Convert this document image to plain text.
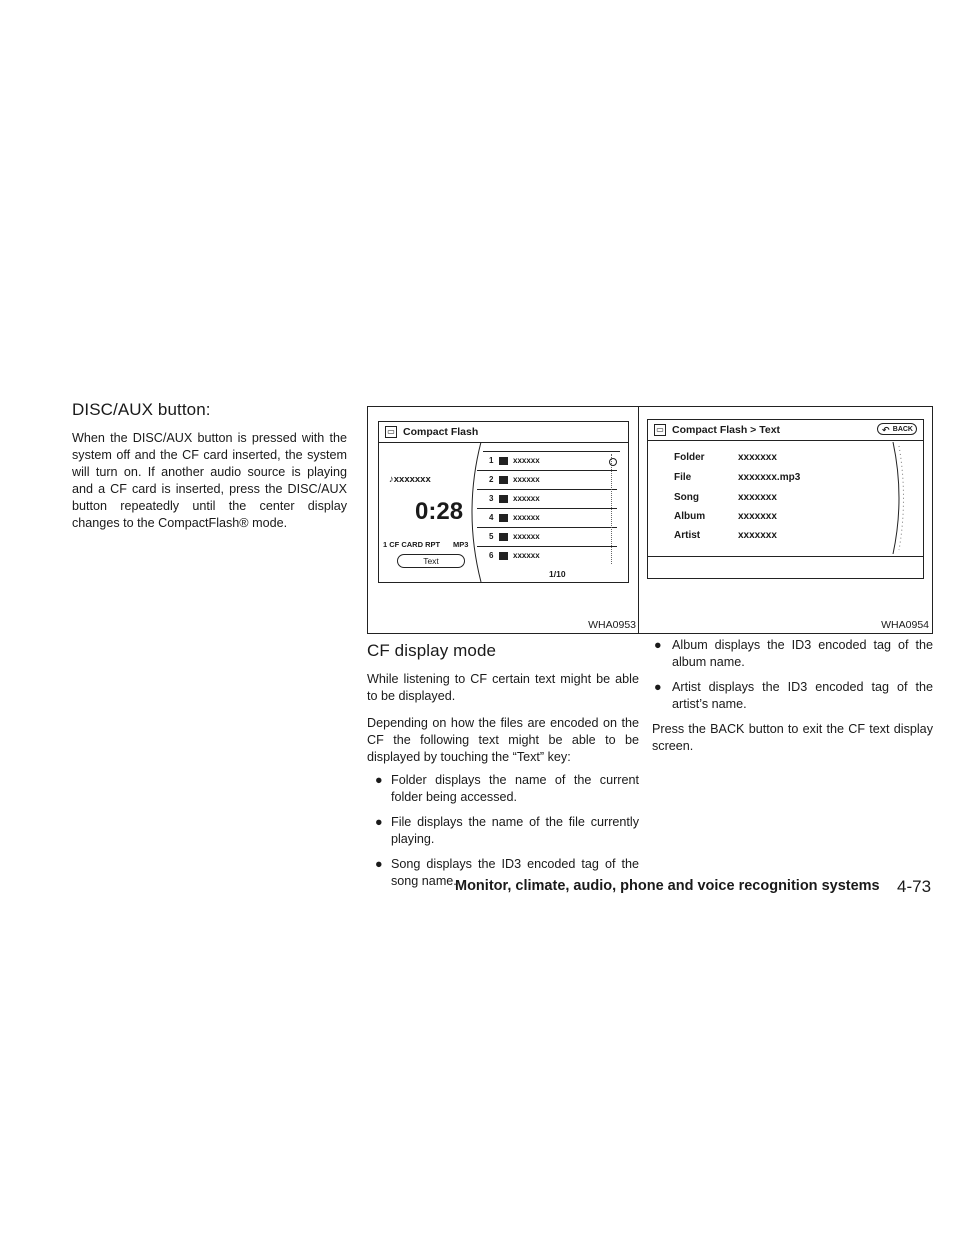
DISC/AUX button:

When the DISC/AUX button is pressed with the system off and the CF card inserted, the system will turn on. If another audio source is playing and a CF card is inserted, press the DISC/AUX button repeatedly until the center display changes to the CompactFlash® mode.

▭ Compact Flash
♪xxxxxxx
0:28
1 CF CARD RPT MP3
Text
1 xxxxxx
2 xxxxxx
3 xxxxxx
4 xxxxxx
5 xxxxxx
6 xxxxxx
1/10
WHA0953
▭ Compact Flash > Text	↶ BACK
Folder	xxxxxxx
File	xxxxxxx.mp3
Song	xxxxxxx
Album	xxxxxxx
Artist	xxxxxxx
WHA0954
CF display mode

While listening to CF certain text might be able to be displayed.

Depending on how the files are encoded on the CF the following text might be able to be displayed by touching the “Text” key:

● Folder displays the name of the current folder being accessed.
● File displays the name of the file currently playing.
● Song displays the ID3 encoded tag of the song name.
● Album displays the ID3 encoded tag of the album name.
● Artist displays the ID3 encoded tag of the artist’s name.

Press the BACK button to exit the CF text display screen.

Monitor, climate, audio, phone and voice recognition systems 4-73
